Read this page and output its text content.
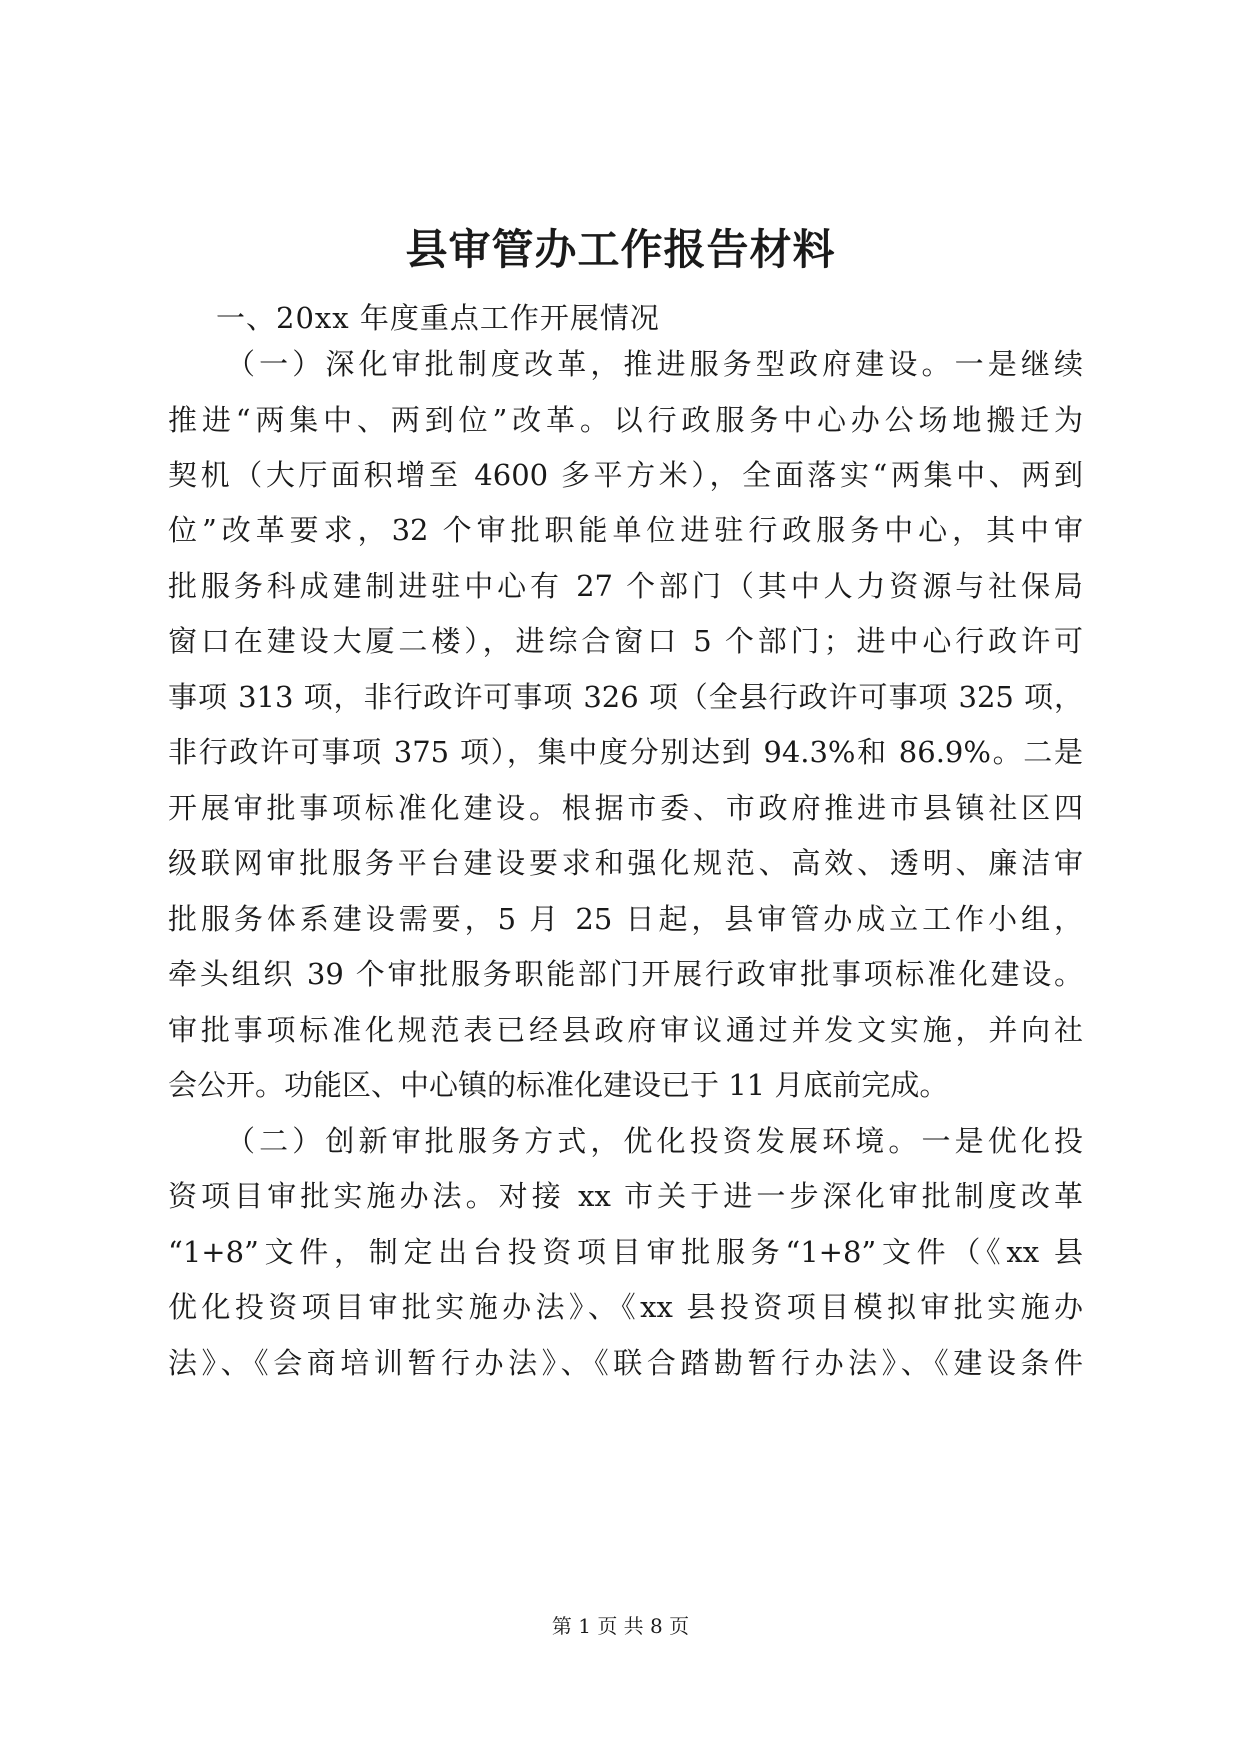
县审管办工作报告材料

一、20xx 年度重点工作开展情况

（一）深化审批制度改革，推进服务型政府建设。一是继续

推进“两集中、两到位”改革。以行政服务中心办公场地搬迁为

契机（大厅面积增至 4600 多平方米），全面落实“两集中、两到

位”改革要求，32 个审批职能单位进驻行政服务中心，其中审

批服务科成建制进驻中心有 27 个部门（其中人力资源与社保局

窗口在建设大厦二楼），进综合窗口 5 个部门；进中心行政许可

事项 313 项，非行政许可事项 326 项（全县行政许可事项 325 项，

非行政许可事项 375 项），集中度分别达到 94.3%和 86.9%。二是

开展审批事项标准化建设。根据市委、市政府推进市县镇社区四

级联网审批服务平台建设要求和强化规范、高效、透明、廉洁审

批服务体系建设需要，5 月 25 日起，县审管办成立工作小组，

牵头组织 39 个审批服务职能部门开展行政审批事项标准化建设。

审批事项标准化规范表已经县政府审议通过并发文实施，并向社

会公开。功能区、中心镇的标准化建设已于 11 月底前完成。

（二）创新审批服务方式，优化投资发展环境。一是优化投

资项目审批实施办法。对接 xx 市关于进一步深化审批制度改革

“1+8”文件，制定出台投资项目审批服务“1+8”文件（《xx 县

优化投资项目审批实施办法》、《xx 县投资项目模拟审批实施办

法》、《会商培训暂行办法》、《联合踏勘暂行办法》、《建设条件

第 1 页 共 8 页
